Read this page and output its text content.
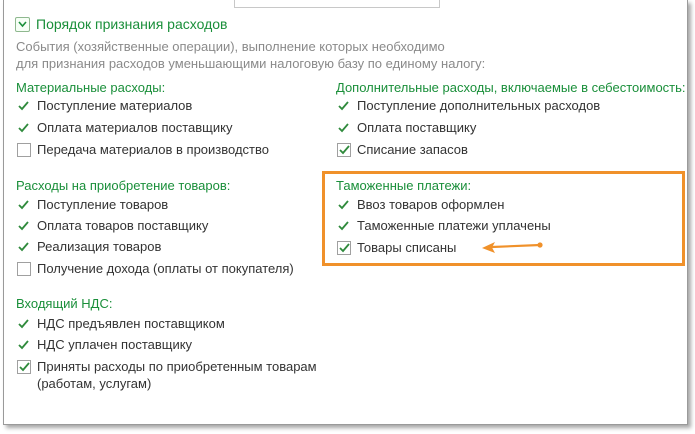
Порядок признания расходов
События (хозяйственные операции), выполнение которых необходимо
для признания расходов уменьшающими налоговую базу по единому налогу:
Материальные расходы:
Поступление материалов
Оплата материалов поставщику
Передача материалов в производство
Дополнительные расходы, включаемые в себестоимость:
Поступление дополнительных расходов
Оплата поставщику
Списание запасов
Расходы на приобретение товаров:
Поступление товаров
Оплата товаров поставщику
Реализация товаров
Получение дохода (оплаты от покупателя)
Таможенные платежи:
Ввоз товаров оформлен
Таможенные платежи уплачены
Товары списаны
Входящий НДС:
НДС предъявлен поставщиком
НДС уплачен поставщику
Приняты расходы по приобретенным товарам
(работам, услугам)
